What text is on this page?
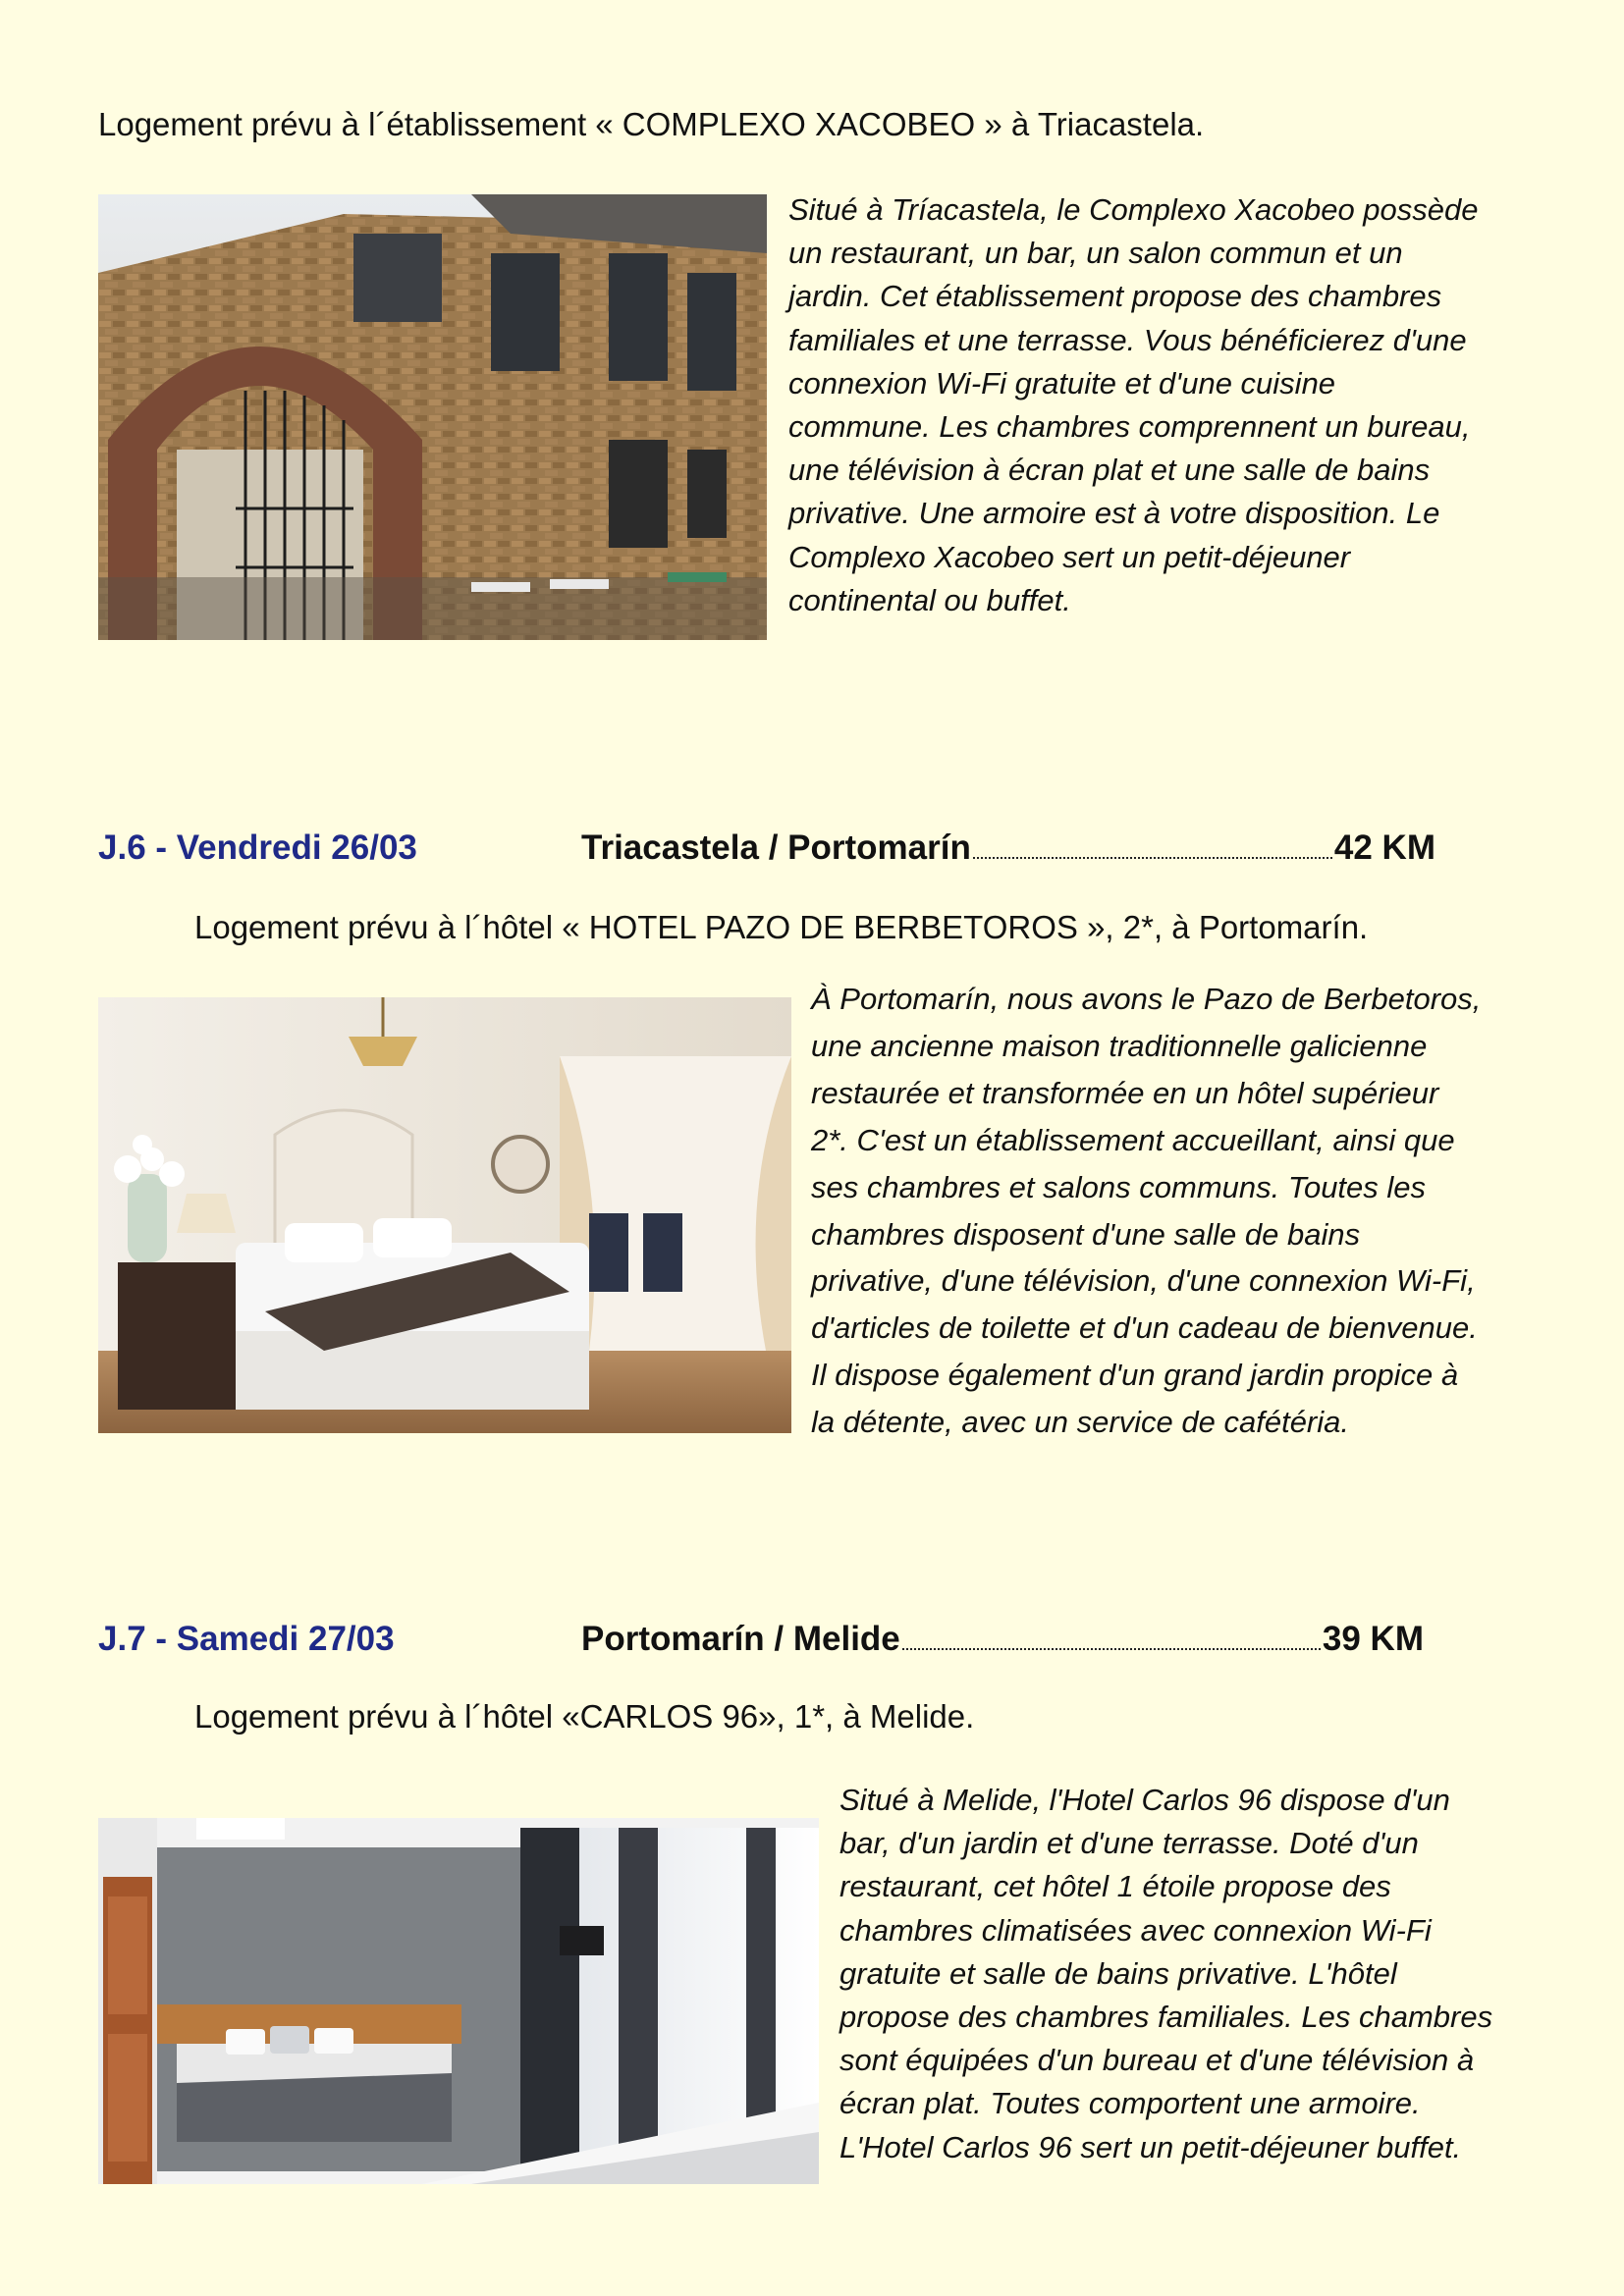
Logement prévu à l´établissement « COMPLEXO XACOBEO » à Triacastela.
Situé à Tríacastela, le Complexo Xacobeo possède
un restaurant, un bar, un salon commun et un
jardin. Cet établissement propose des chambres
familiales et une terrasse. Vous bénéficierez d'une
connexion Wi-Fi gratuite et d'une cuisine
commune. Les chambres comprennent un bureau,
une télévision à écran plat et une salle de bains
privative. Une armoire est à votre disposition. Le
Complexo Xacobeo sert un petit-déjeuner
continental ou buffet.
J.6 - Vendredi 26/03	Triacastela / Portomarín	42 KM
Logement prévu à l´hôtel « HOTEL PAZO DE BERBETOROS », 2*, à Portomarín.
À Portomarín, nous avons le Pazo de Berbetoros,
une ancienne maison traditionnelle galicienne
restaurée et transformée en un hôtel supérieur
2*. C'est un établissement accueillant, ainsi que
ses chambres et salons communs. Toutes les
chambres disposent d'une salle de bains
privative, d'une télévision, d'une connexion Wi-Fi,
d'articles de toilette et d'un cadeau de bienvenue.
Il dispose également d'un grand jardin propice à
la détente, avec un service de cafétéria.
J.7 - Samedi 27/03	Portomarín / Melide	39 KM
Logement prévu à l´hôtel «CARLOS 96», 1*, à Melide.
Situé à Melide, l'Hotel Carlos 96 dispose d'un
bar, d'un jardin et d'une terrasse. Doté d'un
restaurant, cet hôtel 1 étoile propose des
chambres climatisées avec connexion Wi-Fi
gratuite et salle de bains privative. L'hôtel
propose des chambres familiales. Les chambres
sont équipées d'un bureau et d'une télévision à
écran plat. Toutes comportent une armoire.
L'Hotel Carlos 96 sert un petit-déjeuner buffet.
